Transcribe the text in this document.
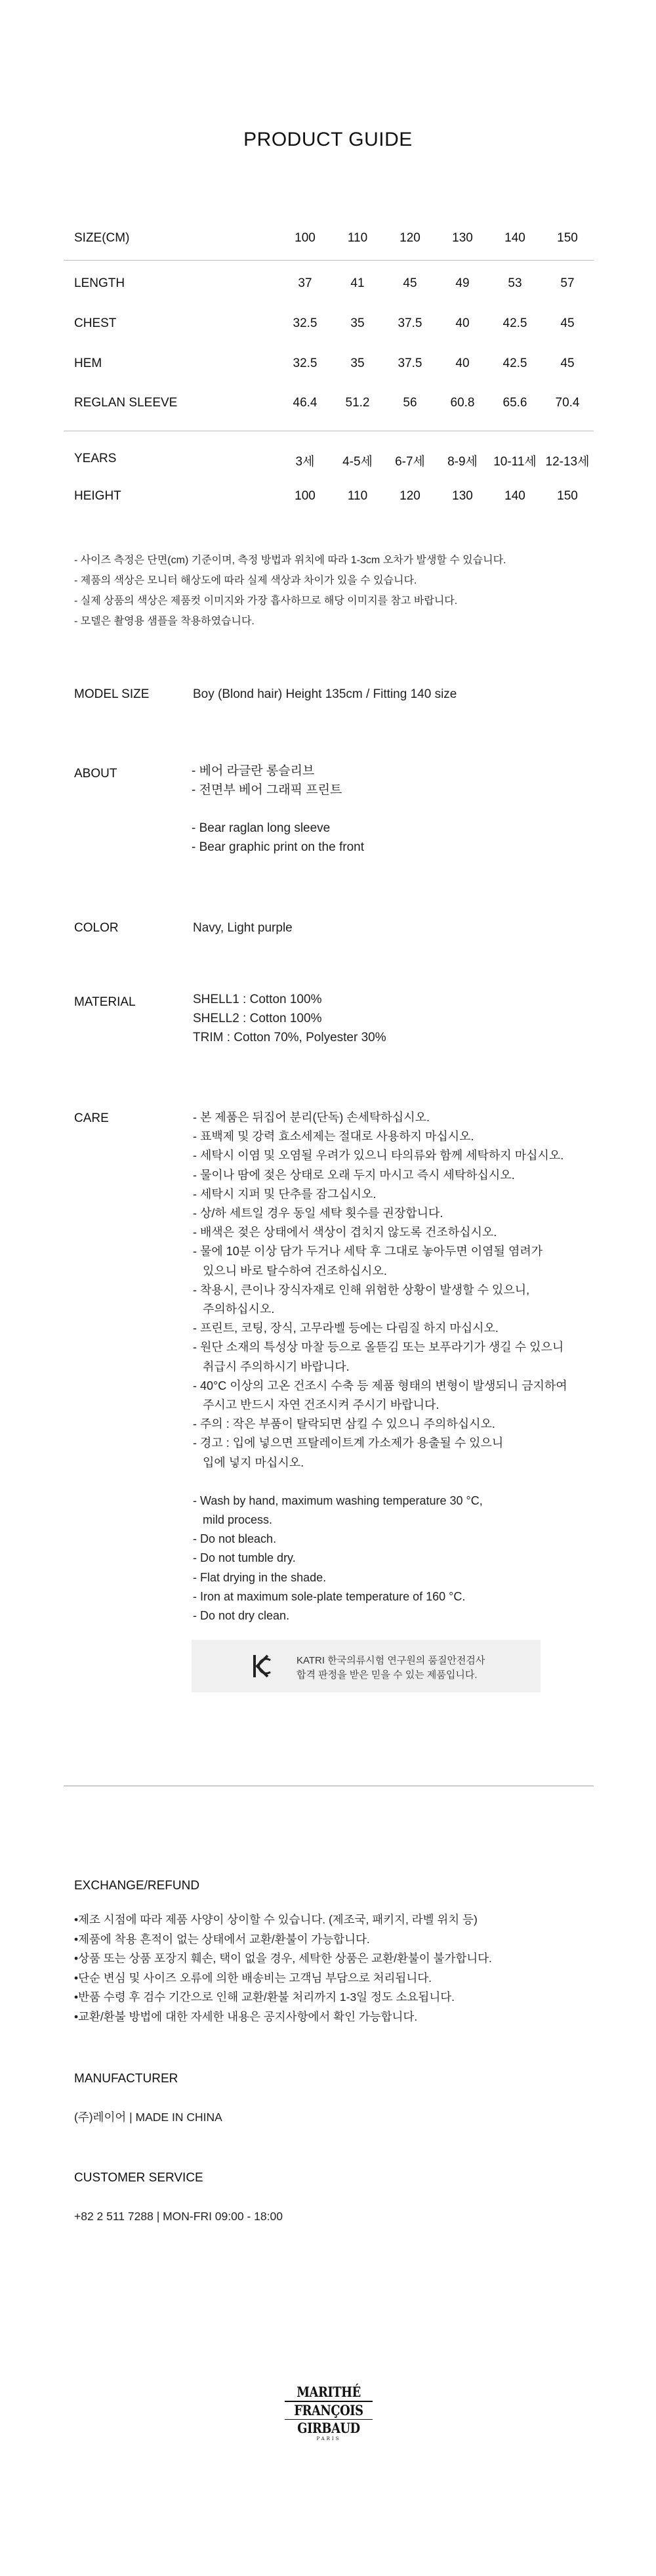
PRODUCT GUIDE
SIZE(CM)	100	110	120	130	140	150
LENGTH	37	41	45	49	53	57
CHEST	32.5	35	37.5	40	42.5	45
HEM	32.5	35	37.5	40	42.5	45
REGLAN SLEEVE	46.4	51.2	56	60.8	65.6	70.4
YEARS	3세	4-5세	6-7세	8-9세	10-11세 12-13세
HEIGHT	100	110	120	130	140	150
- 사이즈 측정은 단면(cm) 기준이며, 측정 방법과 위치에 따라 1-3cm 오차가 발생할 수 있습니다.
- 제품의 색상은 모니터 해상도에 따라 실제 색상과 차이가 있을 수 있습니다.
- 실제 상품의 색상은 제품컷 이미지와 가장 흡사하므로 해당 이미지를 참고 바랍니다.
- 모델은 촬영용 샘플을 착용하였습니다.
MODEL SIZE	Boy (Blond hair) Height 135cm / Fitting 140 size
ABOUT	- 베어 라글란 롱슬리브
- 전면부 베어 그래픽 프린트
- Bear raglan long sleeve
- Bear graphic print on the front
COLOR	Navy, Light purple
MATERIAL	SHELL1 : Cotton 100%
SHELL2 : Cotton 100%
TRIM : Cotton 70%, Polyester 30%
CARE	- 본 제품은 뒤집어 분리(단독) 손세탁하십시오.
- 표백제 및 강력 효소세제는 절대로 사용하지 마십시오.
- 세탁시 이염 및 오염될 우려가 있으니 타의류와 함께 세탁하지 마십시오.
- 물이나 땀에 젖은 상태로 오래 두지 마시고 즉시 세탁하십시오.
- 세탁시 지퍼 및 단추를 잠그십시오.
- 상/하 세트일 경우 동일 세탁 횟수를 권장합니다.
- 배색은 젖은 상태에서 색상이 겹치지 않도록 건조하십시오.
- 물에 10분 이상 담가 두거나 세탁 후 그대로 놓아두면 이염될 염려가
있으니 바로 탈수하여 건조하십시오.
- 착용시, 큰이나 장식자재로 인해 위험한 상황이 발생할 수 있으니,
주의하십시오.
- 프린트, 코팅, 장식, 고무라벨 등에는 다림질 하지 마십시오.
- 원단 소재의 특성상 마찰 등으로 올뜯김 또는 보푸라기가 생길 수 있으니
취급시 주의하시기 바랍니다.
- 40°C 이상의 고온 건조시 수축 등 제품 형태의 변형이 발생되니 금지하여
주시고 반드시 자연 건조시켜 주시기 바랍니다.
- 주의 : 작은 부품이 탈락되면 삼킬 수 있으니 주의하십시오.
- 경고 : 입에 넣으면 프탈레이트계 가소제가 용출될 수 있으니
입에 넣지 마십시오.
- Wash by hand, maximum washing temperature 30 °C,
mild process.
- Do not bleach.
- Do not tumble dry.
- Flat drying in the shade.
- Iron at maximum sole-plate temperature of 160 °C.
- Do not dry clean.
KATRI 한국의류시험 연구원의 품질안전검사
합격 판정을 받은 믿을 수 있는 제품입니다.
EXCHANGE/REFUND
•제조 시점에 따라 제품 사양이 상이할 수 있습니다. (제조국, 패키지, 라벨 위치 등)
•제품에 착용 흔적이 없는 상태에서 교환/환불이 가능합니다.
•상품 또는 상품 포장지 훼손, 택이 없을 경우, 세탁한 상품은 교환/환불이 불가합니다.
•단순 변심 및 사이즈 오류에 의한 배송비는 고객님 부담으로 처리됩니다.
•반품 수령 후 검수 기간으로 인해 교환/환불 처리까지 1-3일 정도 소요됩니다.
•교환/환불 방법에 대한 자세한 내용은 공지사항에서 확인 가능합니다.
MANUFACTURER
(주)레이어 | MADE IN CHINA
CUSTOMER SERVICE
+82 2 511 7288 | MON-FRI 09:00 - 18:00
MARITHÉ
FRANÇOIS
GIRBAUD
PARIS
